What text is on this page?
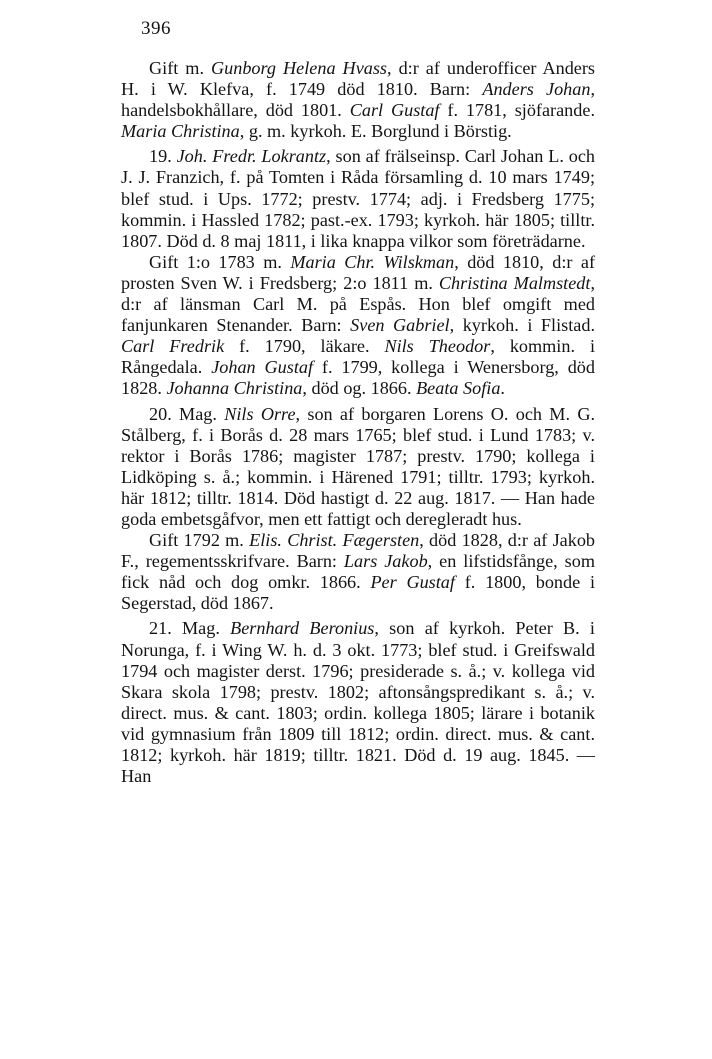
396

Gift m. Gunborg Helena Hvass, d:r af underofficer Anders H. i W. Klefva, f. 1749 död 1810. Barn: Anders Johan, handelsbokhållare, död 1801. Carl Gustaf f. 1781, sjöfarande. Maria Christina, g. m. kyrkoh. E. Borglund i Börstig.

19. Joh. Fredr. Lokrantz, son af frälseinsp. Carl Johan L. och J. J. Franzich, f. på Tomten i Råda församling d. 10 mars 1749; blef stud. i Ups. 1772; prestv. 1774; adj. i Fredsberg 1775; kommin. i Hassled 1782; past.-ex. 1793; kyrkoh. här 1805; tilltr. 1807. Död d. 8 maj 1811, i lika knappa vilkor som företrädarne.

Gift 1:o 1783 m. Maria Chr. Wilskman, död 1810, d:r af prosten Sven W. i Fredsberg; 2:o 1811 m. Christina Malmstedt, d:r af länsman Carl M. på Espås. Hon blef omgift med fanjunkaren Stenander. Barn: Sven Gabriel, kyrkoh. i Flistad. Carl Fredrik f. 1790, läkare. Nils Theodor, kommin. i Rångedala. Johan Gustaf f. 1799, kollega i Wenersborg, död 1828. Johanna Christina, död og. 1866. Beata Sofia.

20. Mag. Nils Orre, son af borgaren Lorens O. och M. G. Stålberg, f. i Borås d. 28 mars 1765; blef stud. i Lund 1783; v. rektor i Borås 1786; magister 1787; prestv. 1790; kollega i Lidköping s. å.; kommin. i Härened 1791; tilltr. 1793; kyrkoh. här 1812; tilltr. 1814. Död hastigt d. 22 aug. 1817. — Han hade goda embetsgåfvor, men ett fattigt och deregleradt hus.

Gift 1792 m. Elis. Christ. Fægersten, död 1828, d:r af Jakob F., regementsskrifvare. Barn: Lars Jakob, en lifstidsfånge, som fick nåd och dog omkr. 1866. Per Gustaf f. 1800, bonde i Segerstad, död 1867.

21. Mag. Bernhard Beronius, son af kyrkoh. Peter B. i Norunga, f. i Wing W. h. d. 3 okt. 1773; blef stud. i Greifswald 1794 och magister derst. 1796; presiderade s. å.; v. kollega vid Skara skola 1798; prestv. 1802; aftonsångspredikant s. å.; v. direct. mus. & cant. 1803; ordin. kollega 1805; lärare i botanik vid gymnasium från 1809 till 1812; ordin. direct. mus. & cant. 1812; kyrkoh. här 1819; tilltr. 1821. Död d. 19 aug. 1845. — Han
